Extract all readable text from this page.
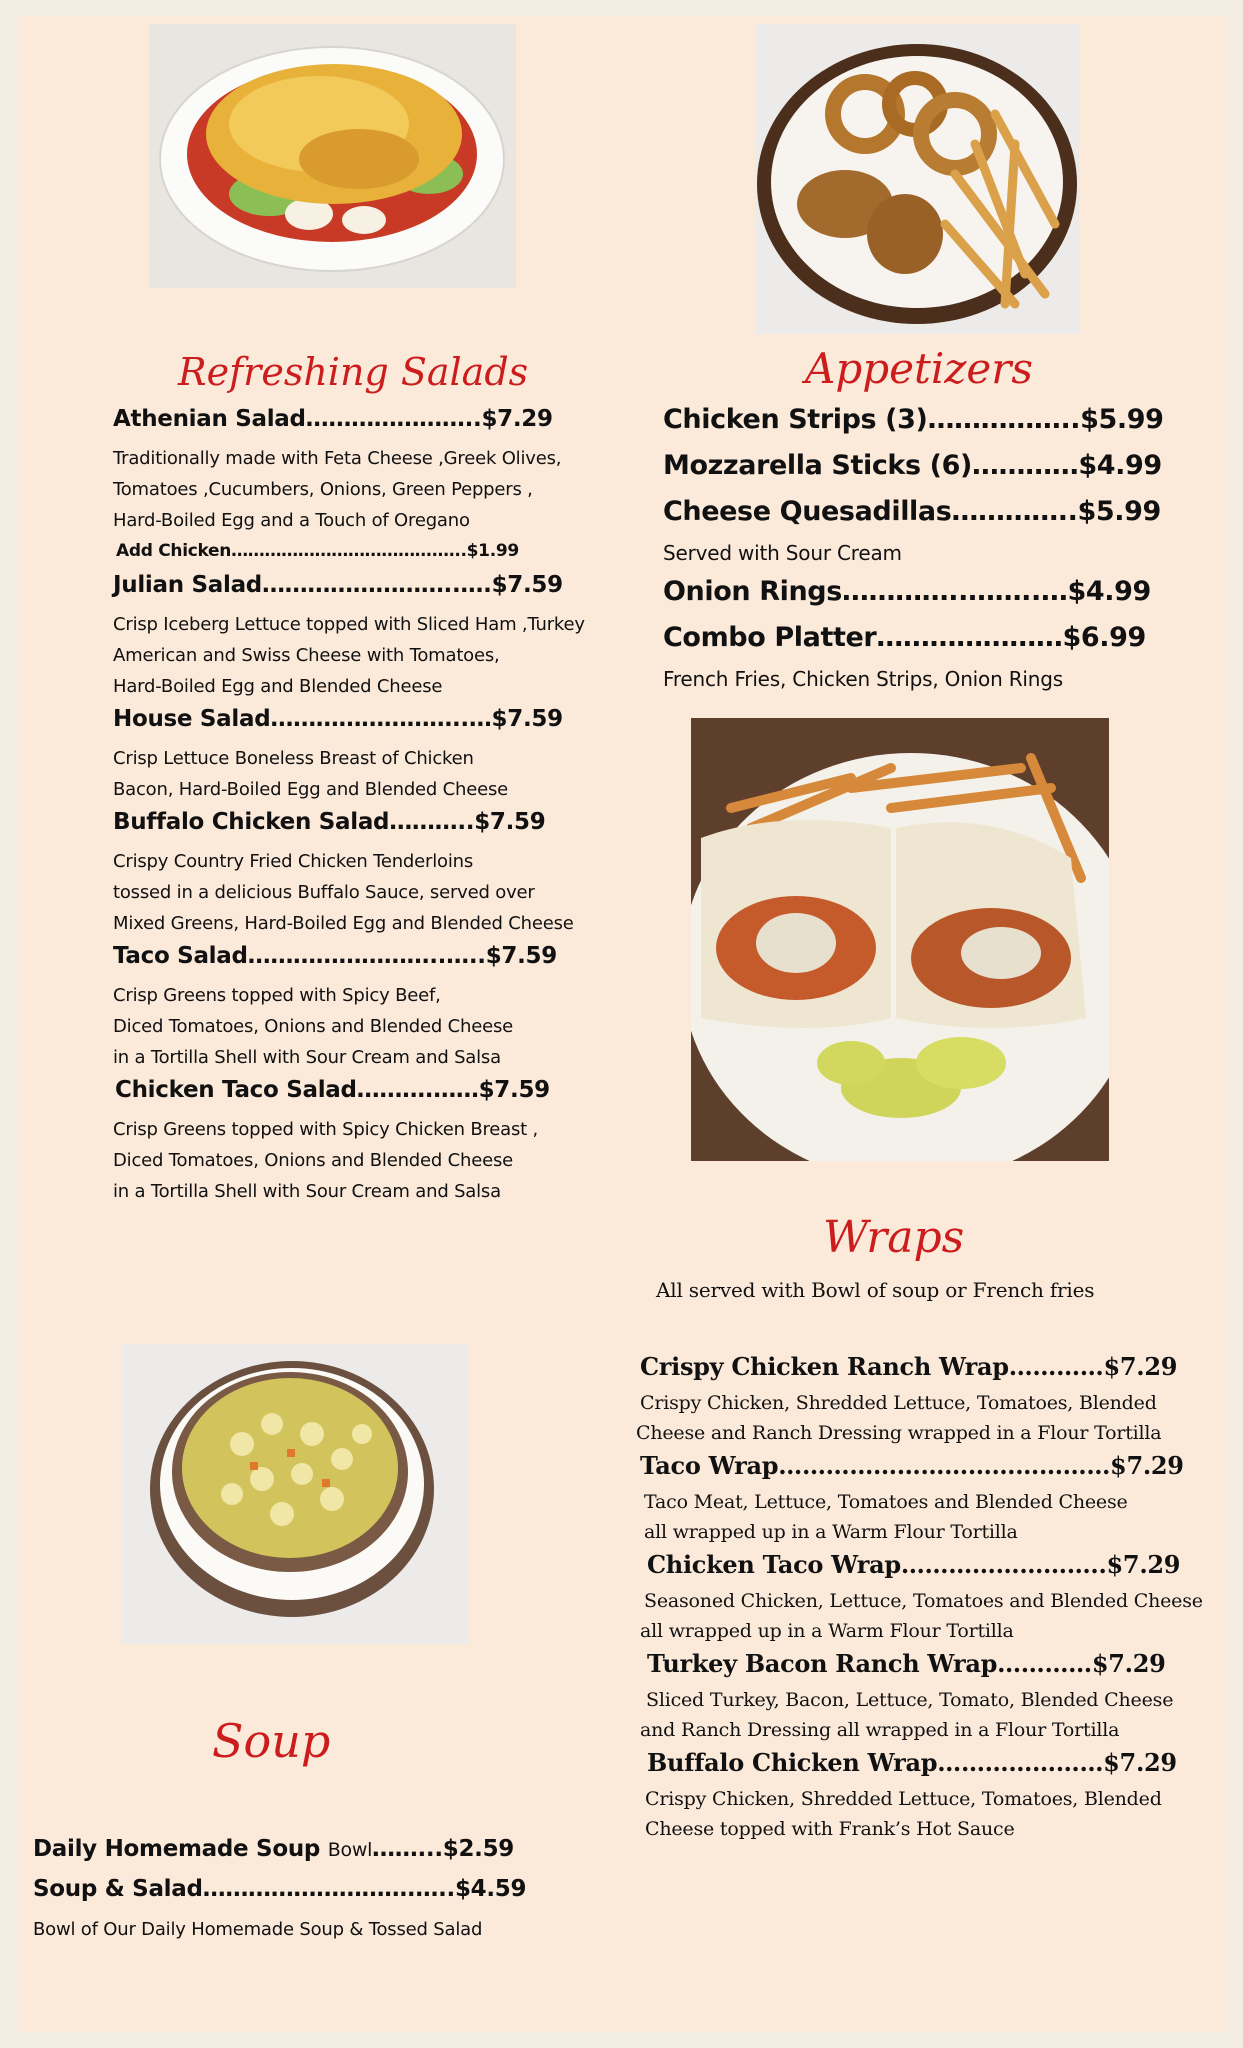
Refreshing Salads
Athenian Salad…………………..$7.29
Traditionally made with Feta Cheese ,Greek Olives,
Tomatoes ,Cucumbers, Onions, Green Peppers ,
Hard-Boiled Egg and a Touch of Oregano
Add Chicken……………………………….…..$1.99
Julian Salad……………………..….$7.59
Crisp Iceberg Lettuce topped with Sliced Ham ,Turkey
American and Swiss Cheese with Tomatoes,
Hard-Boiled Egg and Blended Cheese
House Salad……………………..…$7.59
Crisp Lettuce Boneless Breast of Chicken
Bacon, Hard-Boiled Egg and Blended Cheese
Buffalo Chicken Salad………..$7.59
Crispy Country Fried Chicken Tenderloins
tossed in a delicious Buffalo Sauce, served over
Mixed Greens, Hard-Boiled Egg and Blended Cheese
Taco Salad……………………..…..$7.59
Crisp Greens topped with Spicy Beef,
Diced Tomatoes, Onions and Blended Cheese
in a Tortilla Shell with Sour Cream and Salsa
Chicken Taco Salad……….……$7.59
Crisp Greens topped with Spicy Chicken Breast ,
Diced Tomatoes, Onions and Blended Cheese
in a Tortilla Shell with Sour Cream and Salsa
Appetizers
Chicken Strips (3)……………..$5.99
Mozzarella Sticks (6)…………$4.99
Cheese Quesadillas…………..$5.99
Served with Sour Cream
Onion Rings…………..……..…$4.99
Combo Platter…………………$6.99
French Fries, Chicken Strips, Onion Rings
Wraps
All served with Bowl of soup or French fries
Crispy Chicken Ranch Wrap…………$7.29
Crispy Chicken, Shredded Lettuce, Tomatoes, Blended
Cheese and Ranch Dressing wrapped in a Flour Tortilla
Taco Wrap……………………………………$7.29
Taco Meat, Lettuce, Tomatoes and Blended Cheese
all wrapped up in a Warm Flour Tortilla
Chicken Taco Wrap……………………..$7.29
Seasoned Chicken, Lettuce, Tomatoes and Blended Cheese
all wrapped up in a Warm Flour Tortilla
Turkey Bacon Ranch Wrap…………$7.29
Sliced Turkey, Bacon, Lettuce, Tomato, Blended Cheese
and Ranch Dressing all wrapped in a Flour Tortilla
Buffalo Chicken Wrap…………………$7.29
Crispy Chicken, Shredded Lettuce, Tomatoes, Blended
Cheese topped with Frank’s Hot Sauce
Soup
Daily Homemade Soup Bowl……...$2.59
Soup & Salad……………………….…..$4.59
Bowl of Our Daily Homemade Soup & Tossed Salad
